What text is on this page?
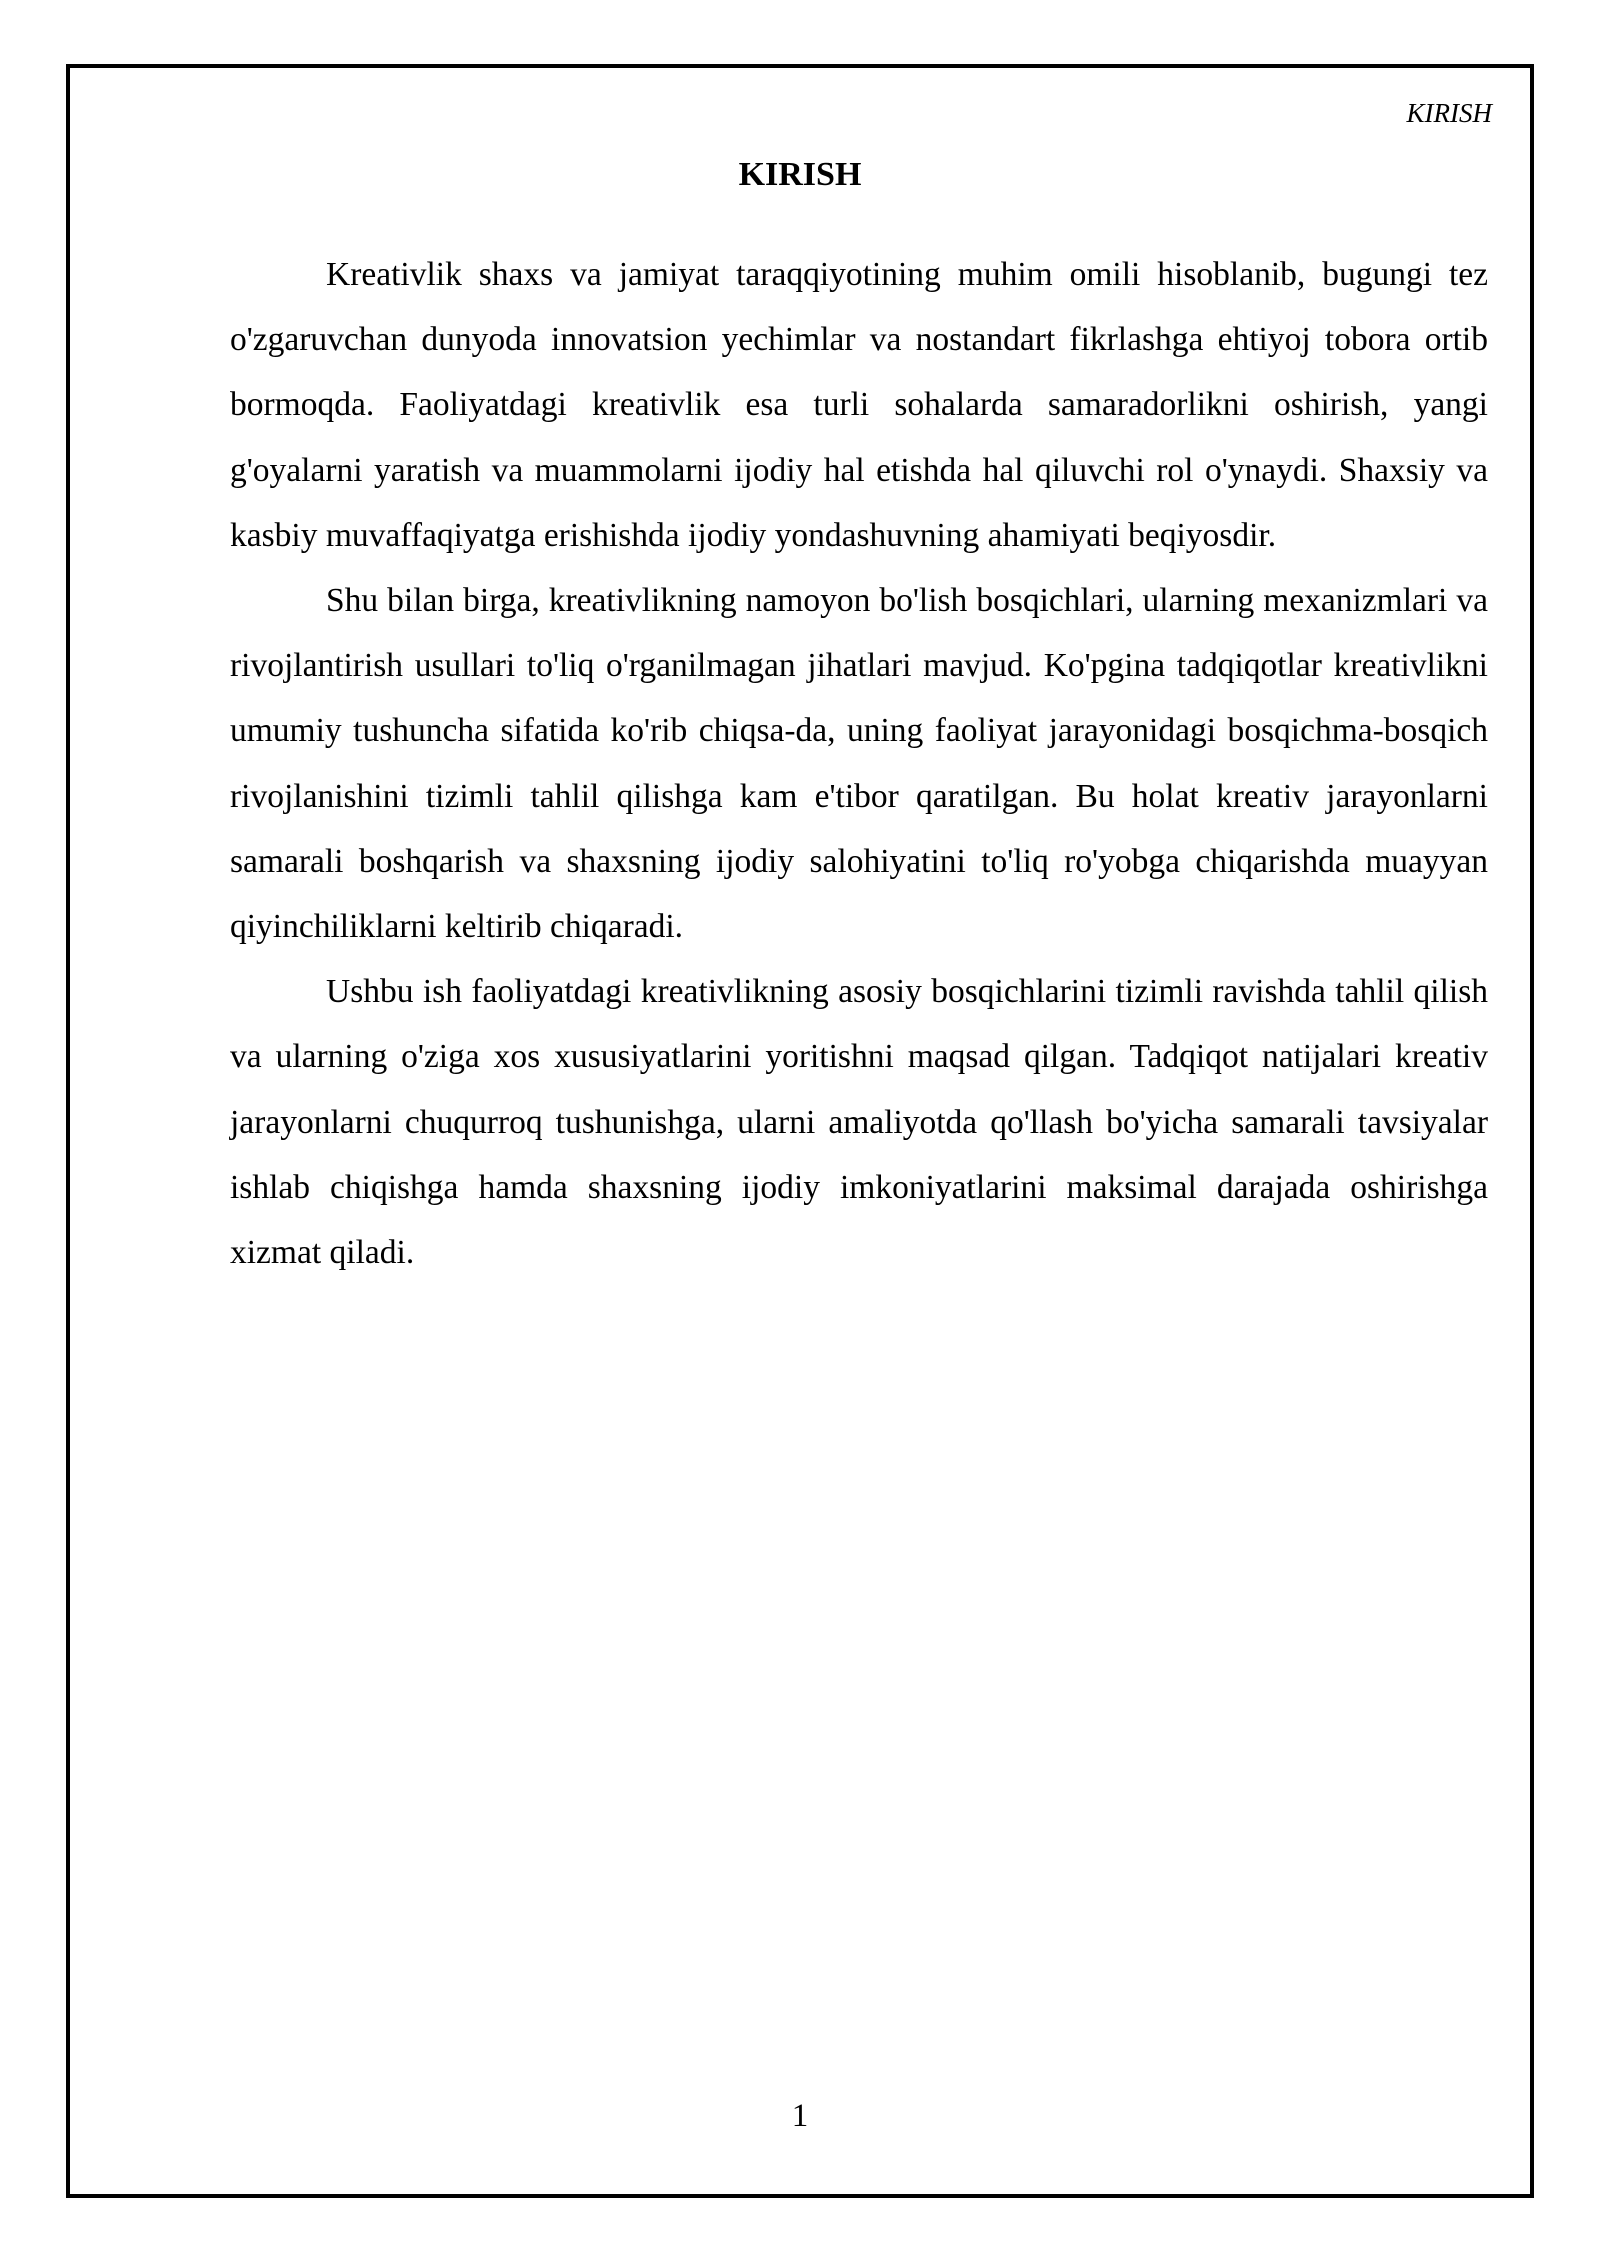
KIRISH
KIRISH

Kreativlik shaxs va jamiyat taraqqiyotining muhim omili hisoblanib, bugungi tez o'zgaruvchan dunyoda innovatsion yechimlar va nostandart fikrlashga ehtiyoj tobora ortib bormoqda. Faoliyatdagi kreativlik esa turli sohalarda samaradorlikni oshirish, yangi g'oyalarni yaratish va muammolarni ijodiy hal etishda hal qiluvchi rol o'ynaydi. Shaxsiy va kasbiy muvaffaqiyatga erishishda ijodiy yondashuvning ahamiyati beqiyosdir.

Shu bilan birga, kreativlikning namoyon bo'lish bosqichlari, ularning mexanizmlari va rivojlantirish usullari to'liq o'rganilmagan jihatlari mavjud. Ko'pgina tadqiqotlar kreativlikni umumiy tushuncha sifatida ko'rib chiqsa-da, uning faoliyat jarayonidagi bosqichma-bosqich rivojlanishini tizimli tahlil qilishga kam e'tibor qaratilgan. Bu holat kreativ jarayonlarni samarali boshqarish va shaxsning ijodiy salohiyatini to'liq ro'yobga chiqarishda muayyan qiyinchiliklarni keltirib chiqaradi.

Ushbu ish faoliyatdagi kreativlikning asosiy bosqichlarini tizimli ravishda tahlil qilish va ularning o'ziga xos xususiyatlarini yoritishni maqsad qilgan. Tadqiqot natijalari kreativ jarayonlarni chuqurroq tushunishga, ularni amaliyotda qo'llash bo'yicha samarali tavsiyalar ishlab chiqishga hamda shaxsning ijodiy imkoniyatlarini maksimal darajada oshirishga xizmat qiladi.

1
